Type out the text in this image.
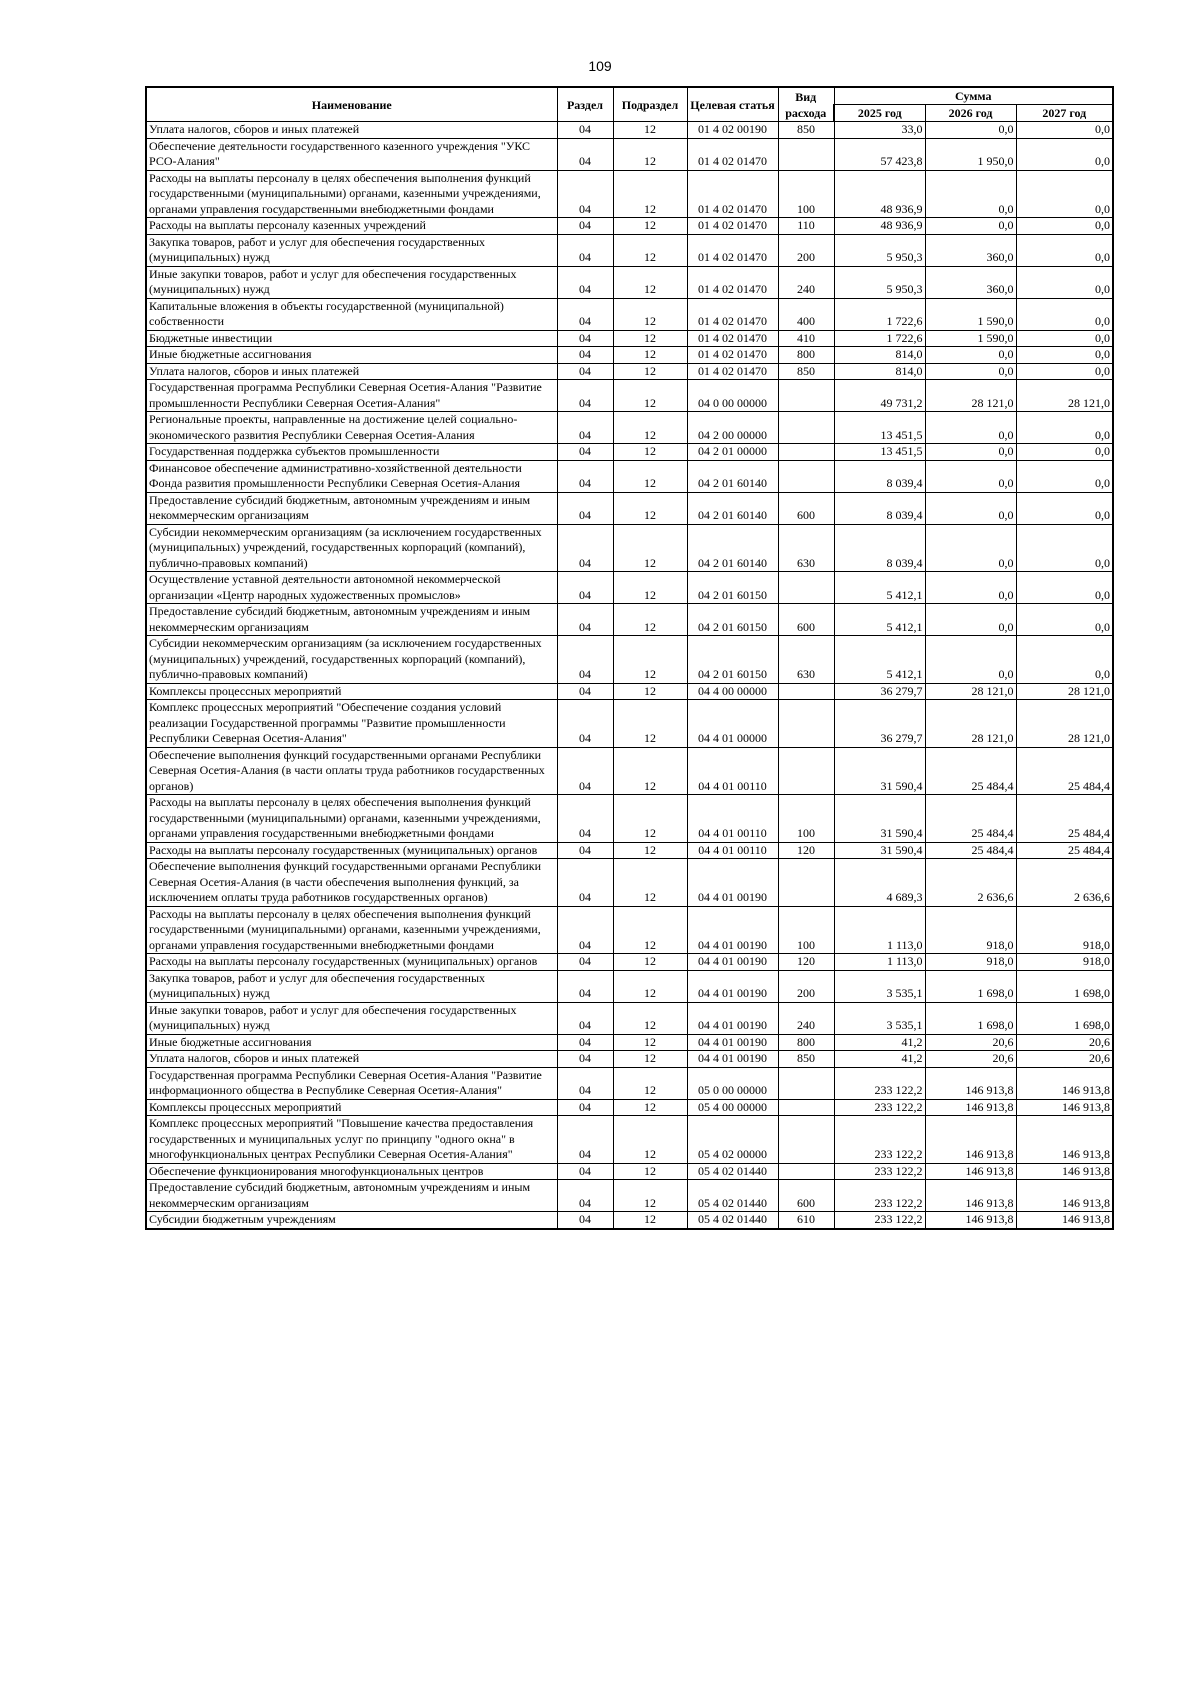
109
Наименование	Раздел	Подраздел	Целевая статья	Вид расхода	Сумма		
					2025 год	2026 год	2027 год
Уплата налогов, сборов и иных платежей	04	12	01 4 02 00190	850	33,0	0,0	0,0
Обеспечение деятельности государственного казенного учреждения "УКС РСО-Алания"	04	12	01 4 02 01470		57 423,8	1 950,0	0,0
Расходы на выплаты персоналу в целях обеспечения выполнения функций государственными (муниципальными) органами, казенными учреждениями, органами управления государственными внебюджетными фондами	04	12	01 4 02 01470	100	48 936,9	0,0	0,0
Расходы на выплаты персоналу казенных учреждений	04	12	01 4 02 01470	110	48 936,9	0,0	0,0
Закупка товаров, работ и услуг для обеспечения государственных (муниципальных) нужд	04	12	01 4 02 01470	200	5 950,3	360,0	0,0
Иные закупки товаров, работ и услуг для обеспечения государственных (муниципальных) нужд	04	12	01 4 02 01470	240	5 950,3	360,0	0,0
Капитальные вложения в объекты государственной (муниципальной) собственности	04	12	01 4 02 01470	400	1 722,6	1 590,0	0,0
Бюджетные инвестиции	04	12	01 4 02 01470	410	1 722,6	1 590,0	0,0
Иные бюджетные ассигнования	04	12	01 4 02 01470	800	814,0	0,0	0,0
Уплата налогов, сборов и иных платежей	04	12	01 4 02 01470	850	814,0	0,0	0,0
Государственная программа Республики Северная Осетия-Алания "Развитие промышленности Республики Северная Осетия-Алания"	04	12	04 0 00 00000		49 731,2	28 121,0	28 121,0
Региональные проекты, направленные на достижение целей социально-экономического развития Республики Северная Осетия-Алания	04	12	04 2 00 00000		13 451,5	0,0	0,0
Государственная поддержка субъектов промышленности	04	12	04 2 01 00000		13 451,5	0,0	0,0
Финансовое обеспечение административно-хозяйственной деятельности Фонда развития промышленности Республики Северная Осетия-Алания	04	12	04 2 01 60140		8 039,4	0,0	0,0
Предоставление субсидий бюджетным, автономным учреждениям и иным некоммерческим организациям	04	12	04 2 01 60140	600	8 039,4	0,0	0,0
Субсидии некоммерческим организациям (за исключением государственных (муниципальных) учреждений, государственных корпораций (компаний), публично-правовых компаний)	04	12	04 2 01 60140	630	8 039,4	0,0	0,0
Осуществление уставной деятельности автономной некоммерческой организации «Центр народных художественных промыслов»	04	12	04 2 01 60150		5 412,1	0,0	0,0
Предоставление субсидий бюджетным, автономным учреждениям и иным некоммерческим организациям	04	12	04 2 01 60150	600	5 412,1	0,0	0,0
Субсидии некоммерческим организациям (за исключением государственных (муниципальных) учреждений, государственных корпораций (компаний), публично-правовых компаний)	04	12	04 2 01 60150	630	5 412,1	0,0	0,0
Комплексы процессных мероприятий	04	12	04 4 00 00000		36 279,7	28 121,0	28 121,0
Комплекс процессных мероприятий "Обеспечение создания условий реализации Государственной программы "Развитие промышленности Республики Северная Осетия-Алания"	04	12	04 4 01 00000		36 279,7	28 121,0	28 121,0
Обеспечение выполнения функций государственными органами Республики Северная Осетия-Алания (в части оплаты труда работников государственных органов)	04	12	04 4 01 00110		31 590,4	25 484,4	25 484,4
Расходы на выплаты персоналу в целях обеспечения выполнения функций государственными (муниципальными) органами, казенными учреждениями, органами управления государственными внебюджетными фондами	04	12	04 4 01 00110	100	31 590,4	25 484,4	25 484,4
Расходы на выплаты персоналу государственных (муниципальных) органов	04	12	04 4 01 00110	120	31 590,4	25 484,4	25 484,4
Обеспечение выполнения функций государственными органами Республики Северная Осетия-Алания (в части обеспечения выполнения функций, за исключением оплаты труда работников государственных органов)	04	12	04 4 01 00190		4 689,3	2 636,6	2 636,6
Расходы на выплаты персоналу в целях обеспечения выполнения функций государственными (муниципальными) органами, казенными учреждениями, органами управления государственными внебюджетными фондами	04	12	04 4 01 00190	100	1 113,0	918,0	918,0
Расходы на выплаты персоналу государственных (муниципальных) органов	04	12	04 4 01 00190	120	1 113,0	918,0	918,0
Закупка товаров, работ и услуг для обеспечения государственных (муниципальных) нужд	04	12	04 4 01 00190	200	3 535,1	1 698,0	1 698,0
Иные закупки товаров, работ и услуг для обеспечения государственных (муниципальных) нужд	04	12	04 4 01 00190	240	3 535,1	1 698,0	1 698,0
Иные бюджетные ассигнования	04	12	04 4 01 00190	800	41,2	20,6	20,6
Уплата налогов, сборов и иных платежей	04	12	04 4 01 00190	850	41,2	20,6	20,6
Государственная программа Республики Северная Осетия-Алания "Развитие информационного общества в Республике Северная Осетия-Алания"	04	12	05 0 00 00000		233 122,2	146 913,8	146 913,8
Комплексы процессных мероприятий	04	12	05 4 00 00000		233 122,2	146 913,8	146 913,8
Комплекс процессных мероприятий "Повышение качества предоставления государственных и муниципальных услуг по принципу "одного окна" в многофункциональных центрах Республики Северная Осетия-Алания"	04	12	05 4 02 00000		233 122,2	146 913,8	146 913,8
Обеспечение функционирования многофункциональных центров	04	12	05 4 02 01440		233 122,2	146 913,8	146 913,8
Предоставление субсидий бюджетным, автономным учреждениям и иным некоммерческим организациям	04	12	05 4 02 01440	600	233 122,2	146 913,8	146 913,8
Субсидии бюджетным учреждениям	04	12	05 4 02 01440	610	233 122,2	146 913,8	146 913,8
